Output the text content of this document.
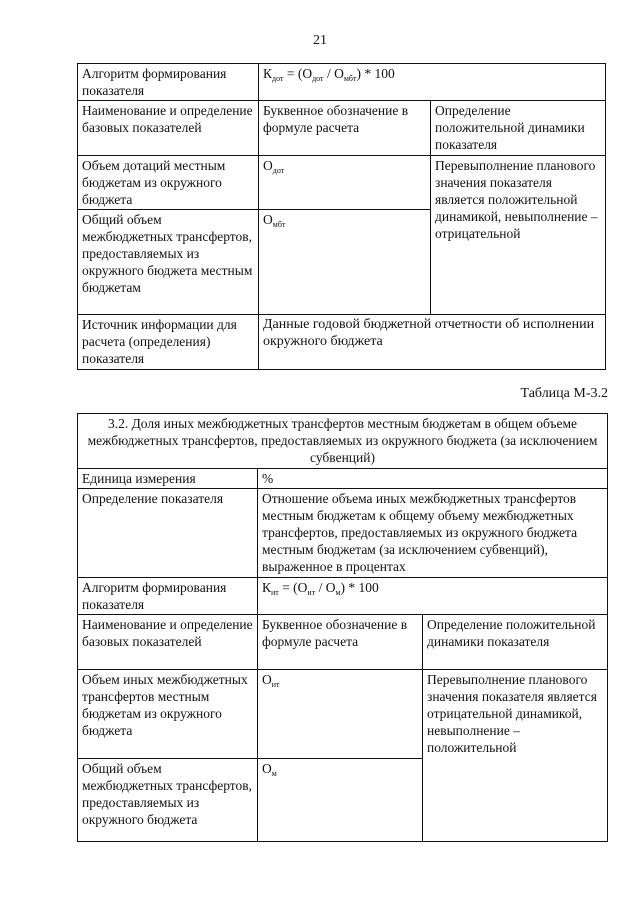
21
Алгоритм формирования показателя	$К_{дот} = (О_{дот} / О_{мбт}) * 100$	
Наименование и определение базовых показателей	Буквенное обозначение в формуле расчета	Определение положительной динамики показателя
Объем дотаций местным бюджетам из окружного бюджета	$О_{дот}$	Перевыполнение планового значения показателя является положительной динамикой, невыполнение – отрицательной
Общий объем межбюджетных трансфертов, предоставляемых из окружного бюджета местным бюджетам	$О_{мбт}$
Источник информации для расчета (определения) показателя	Данные годовой бюджетной отчетности об исполнении окружного бюджета	
Таблица М-3.2
3.2. Доля иных межбюджетных трансфертов местным бюджетам в общем объеме межбюджетных трансфертов, предоставляемых из окружного бюджета (за исключением субвенций)		
Единица измерения	%	
Определение показателя	Отношение объема иных межбюджетных трансфертов местным бюджетам к общему объему межбюджетных трансфертов, предоставляемых из окружного бюджета местным бюджетам (за исключением субвенций), выраженное в процентах	
Алгоритм формирования показателя	$К_{ит} = (О_{ит} / О_м) * 100$	
Наименование и определение базовых показателей	Буквенное обозначение в формуле расчета	Определение положительной динамики показателя
Объем иных межбюджетных трансфертов местным бюджетам из окружного бюджета	$О_{ит}$	Перевыполнение планового значения показателя является отрицательной динамикой, невыполнение – положительной
Общий объем межбюджетных трансфертов, предоставляемых из окружного бюджета	$О_м$
